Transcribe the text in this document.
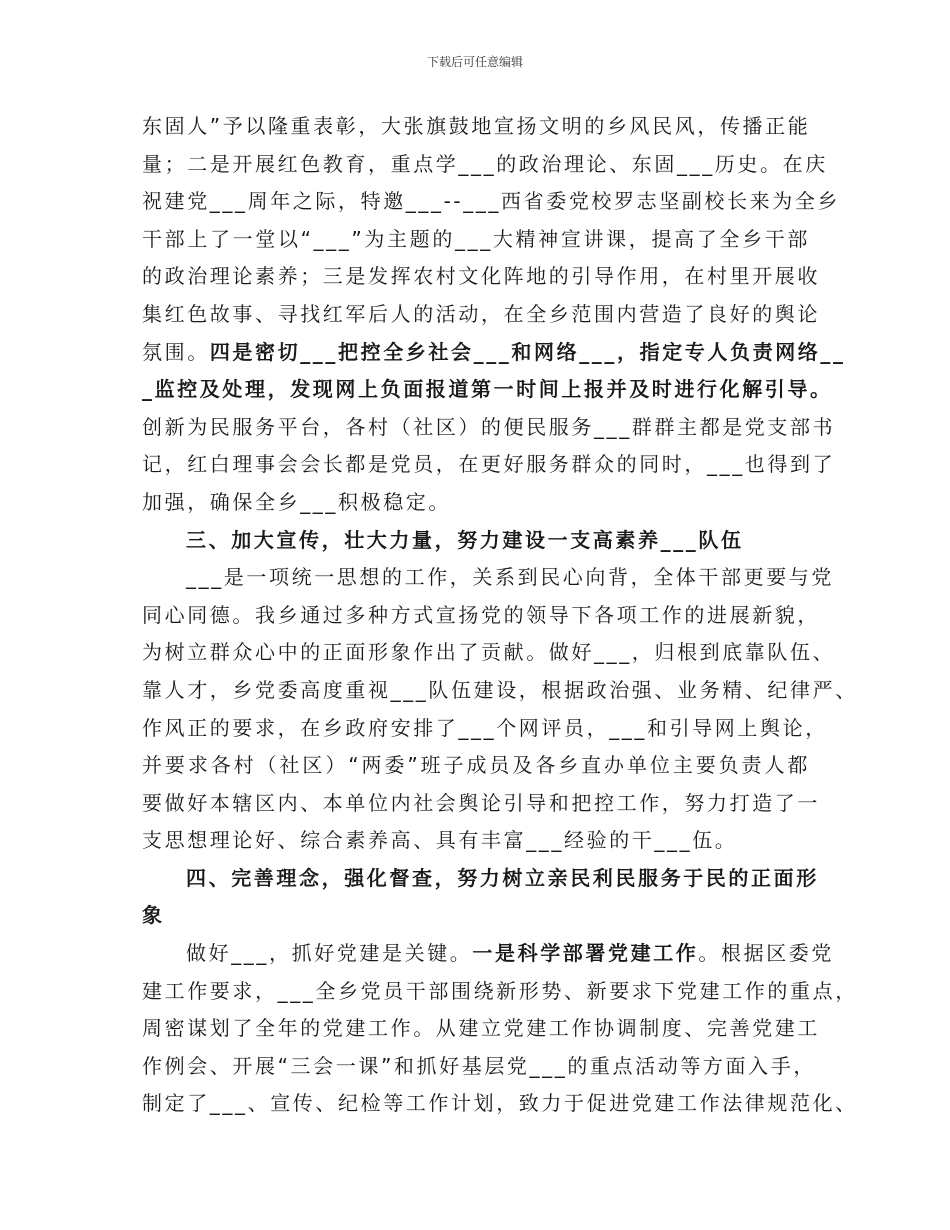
下载后可任意编辑
东固人”予以隆重表彰，大张旗鼓地宣扬文明的乡风民风，传播正能
量；二是开展红色教育，重点学___的政治理论、东固___历史。在庆
祝建党___周年之际，特邀___--___西省委党校罗志坚副校长来为全乡
干部上了一堂以“___”为主题的___大精神宣讲课，提高了全乡干部
的政治理论素养；三是发挥农村文化阵地的引导作用，在村里开展收
集红色故事、寻找红军后人的活动，在全乡范围内营造了良好的舆论
氛围。四是密切___把控全乡社会___和网络___，指定专人负责网络__
_监控及处理，发现网上负面报道第一时间上报并及时进行化解引导。
创新为民服务平台，各村（社区）的便民服务___群群主都是党支部书
记，红白理事会会长都是党员，在更好服务群众的同时，___也得到了
加强，确保全乡___积极稳定。
三、加大宣传，壮大力量，努力建设一支高素养___队伍
___是一项统一思想的工作，关系到民心向背，全体干部更要与党
同心同德。我乡通过多种方式宣扬党的领导下各项工作的进展新貌，
为树立群众心中的正面形象作出了贡献。做好___，归根到底靠队伍、
靠人才，乡党委高度重视___队伍建设，根据政治强、业务精、纪律严、
作风正的要求，在乡政府安排了___个网评员，___和引导网上舆论，
并要求各村（社区）“两委”班子成员及各乡直办单位主要负责人都
要做好本辖区内、本单位内社会舆论引导和把控工作，努力打造了一
支思想理论好、综合素养高、具有丰富___经验的干___伍。
四、完善理念，强化督查，努力树立亲民利民服务于民的正面形
象
做好___，抓好党建是关键。一是科学部署党建工作。根据区委党
建工作要求，___全乡党员干部围绕新形势、新要求下党建工作的重点，
周密谋划了全年的党建工作。从建立党建工作协调制度、完善党建工
作例会、开展“三会一课”和抓好基层党___的重点活动等方面入手，
制定了___、宣传、纪检等工作计划，致力于促进党建工作法律规范化、
